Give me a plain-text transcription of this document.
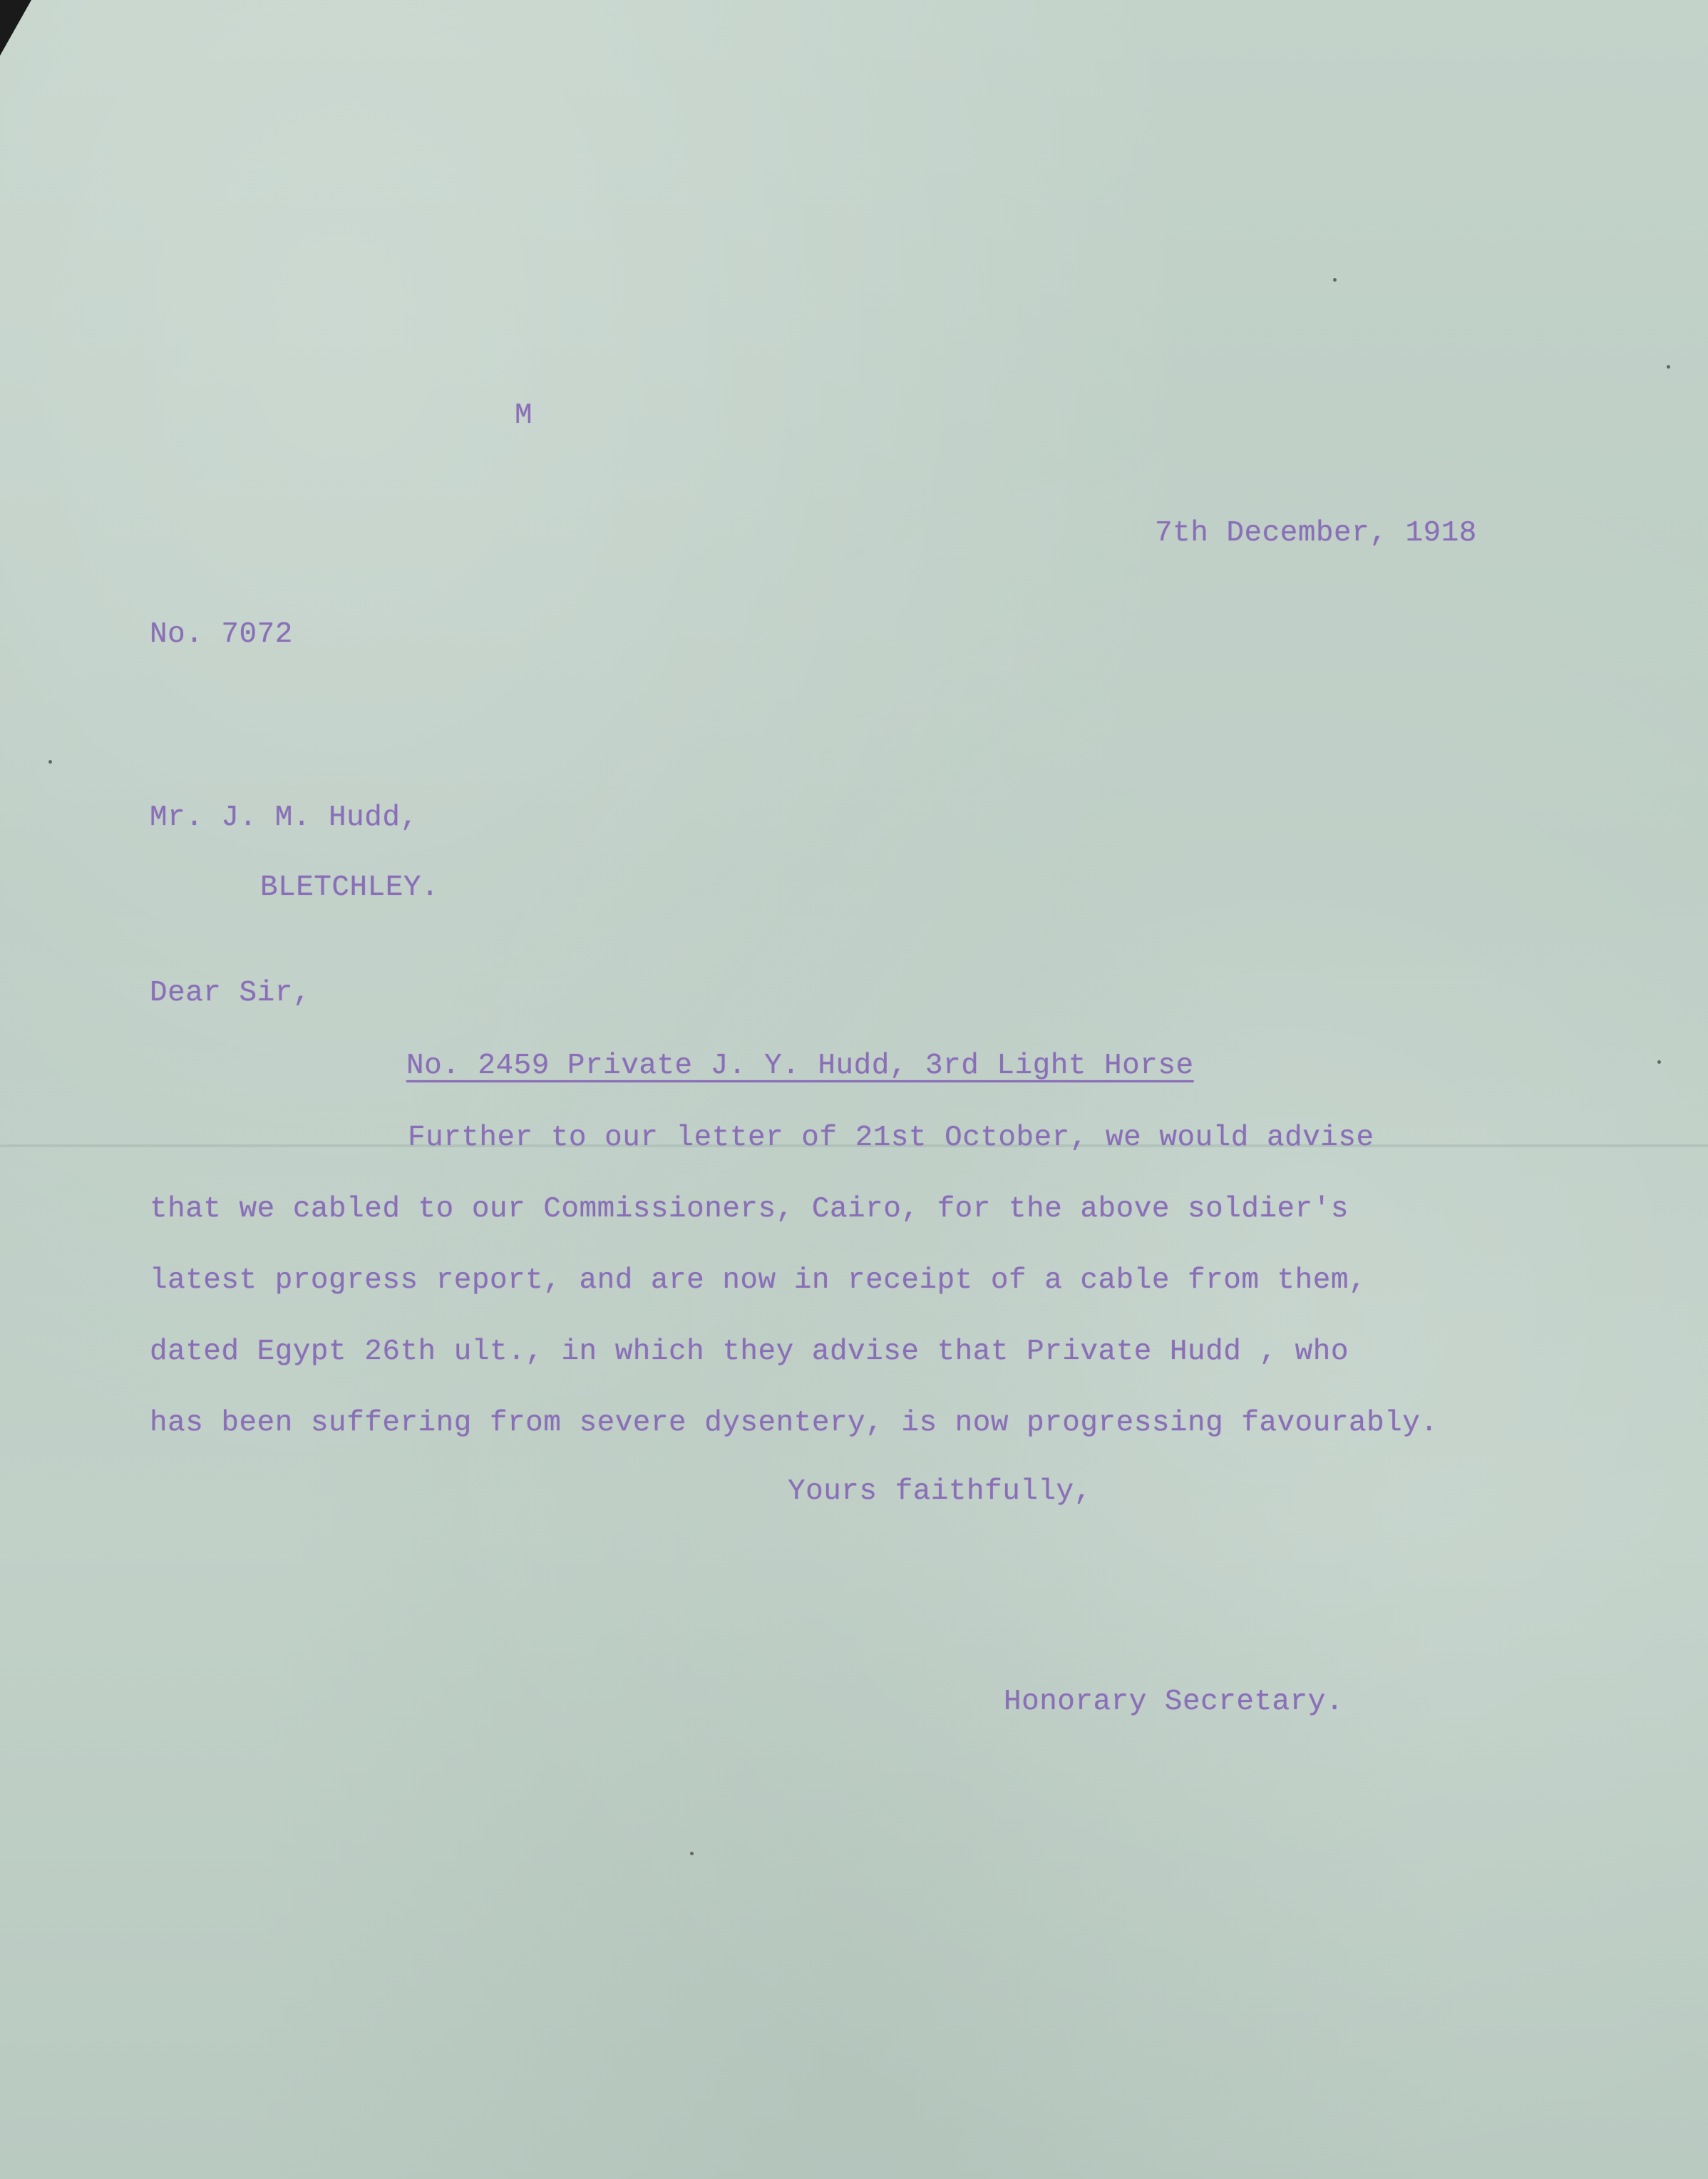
M
7th December, 1918
No. 7072
Mr. J. M. Hudd,
BLETCHLEY.
Dear Sir,
No. 2459 Private J. Y. Hudd, 3rd Light Horse
Further to our letter of 21st October, we would advise
that we cabled to our Commissioners, Cairo, for the above soldier's
latest progress report, and are now in receipt of a cable from them,
dated Egypt 26th ult., in which they advise that Private Hudd , who
has been suffering from severe dysentery, is now progressing favourably.
Yours faithfully,
Honorary Secretary.
